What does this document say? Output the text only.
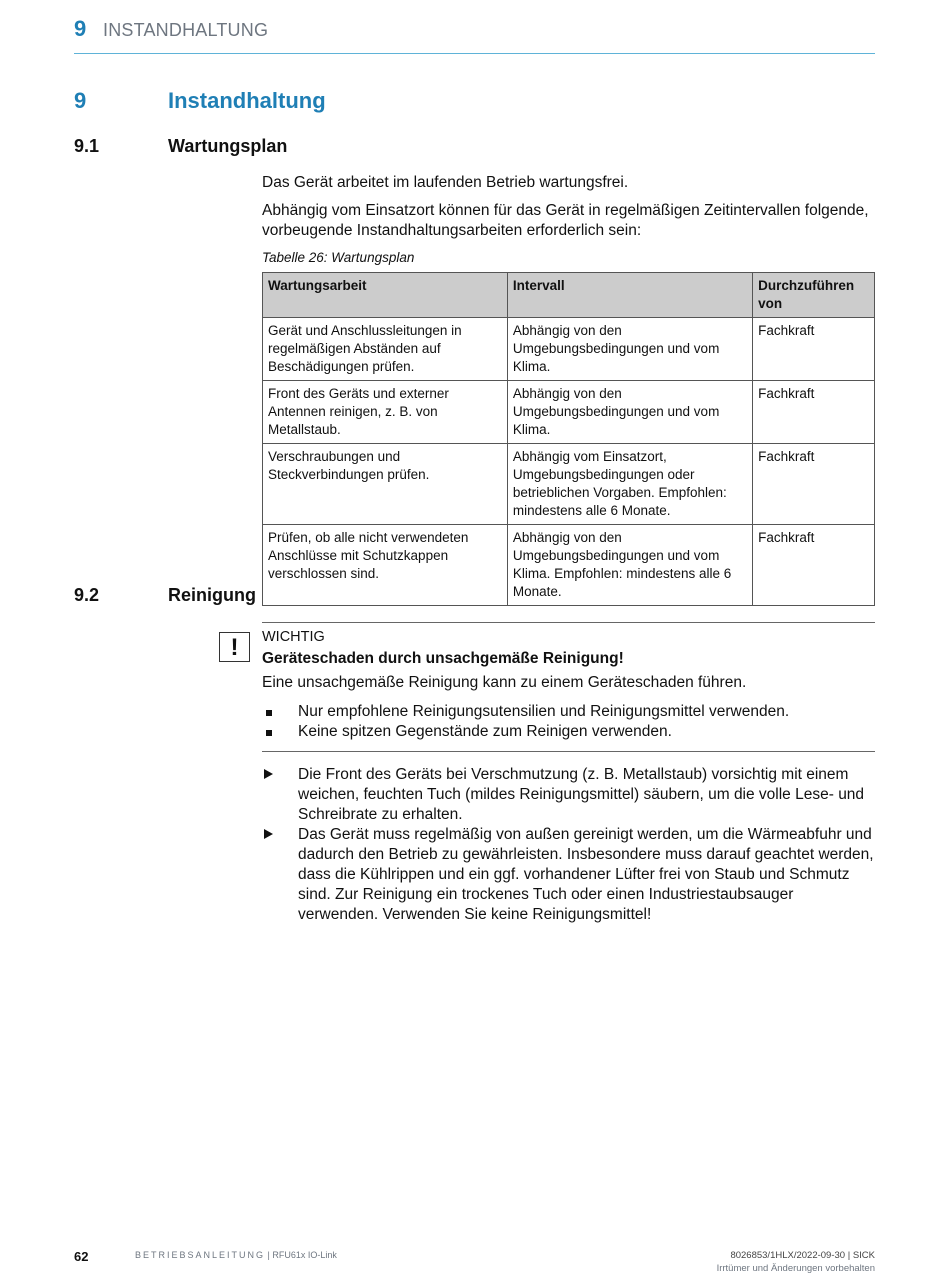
9 INSTANDHALTUNG
9	Instandhaltung
9.1	Wartungsplan
Das Gerät arbeitet im laufenden Betrieb wartungsfrei.
Abhängig vom Einsatzort können für das Gerät in regelmäßigen Zeitintervallen folgende, vorbeugende Instandhaltungsarbeiten erforderlich sein:
Tabelle 26: Wartungsplan
Wartungsarbeit	Intervall	Durchzuführen von
Gerät und Anschlussleitungen in regelmäßigen Abständen auf Beschädigungen prüfen.	Abhängig von den Umgebungsbedingungen und vom Klima.	Fachkraft
Front des Geräts und externer Antennen reinigen, z. B. von Metallstaub.	Abhängig von den Umgebungsbedingungen und vom Klima.	Fachkraft
Verschraubungen und Steckverbindungen prüfen.	Abhängig vom Einsatzort, Umgebungsbedingungen oder betrieblichen Vorgaben. Empfohlen: mindestens alle 6 Monate.	Fachkraft
Prüfen, ob alle nicht verwendeten Anschlüsse mit Schutzkappen verschlossen sind.	Abhängig von den Umgebungsbedingungen und vom Klima. Empfohlen: mindestens alle 6 Monate.	Fachkraft
9.2	Reinigung
!	WICHTIG
Geräteschaden durch unsachgemäße Reinigung!
Eine unsachgemäße Reinigung kann zu einem Geräteschaden führen.
Nur empfohlene Reinigungsutensilien und Reinigungsmittel verwenden.
Keine spitzen Gegenstände zum Reinigen verwenden.
Die Front des Geräts bei Verschmutzung (z. B. Metallstaub) vorsichtig mit einem weichen, feuchten Tuch (mildes Reinigungsmittel) säubern, um die volle Lese- und Schreibrate zu erhalten.
Das Gerät muss regelmäßig von außen gereinigt werden, um die Wärmeabfuhr und dadurch den Betrieb zu gewährleisten. Insbesondere muss darauf geachtet werden, dass die Kühlrippen und ein ggf. vorhandener Lüfter frei von Staub und Schmutz sind. Zur Reinigung ein trockenes Tuch oder einen Industriestaubsauger verwenden. Verwenden Sie keine Reinigungsmittel!
62	BETRIEBSANLEITUNG | RFU61x IO-Link	8026853/1HLX/2022-09-30 | SICK
Irrtümer und Änderungen vorbehalten
